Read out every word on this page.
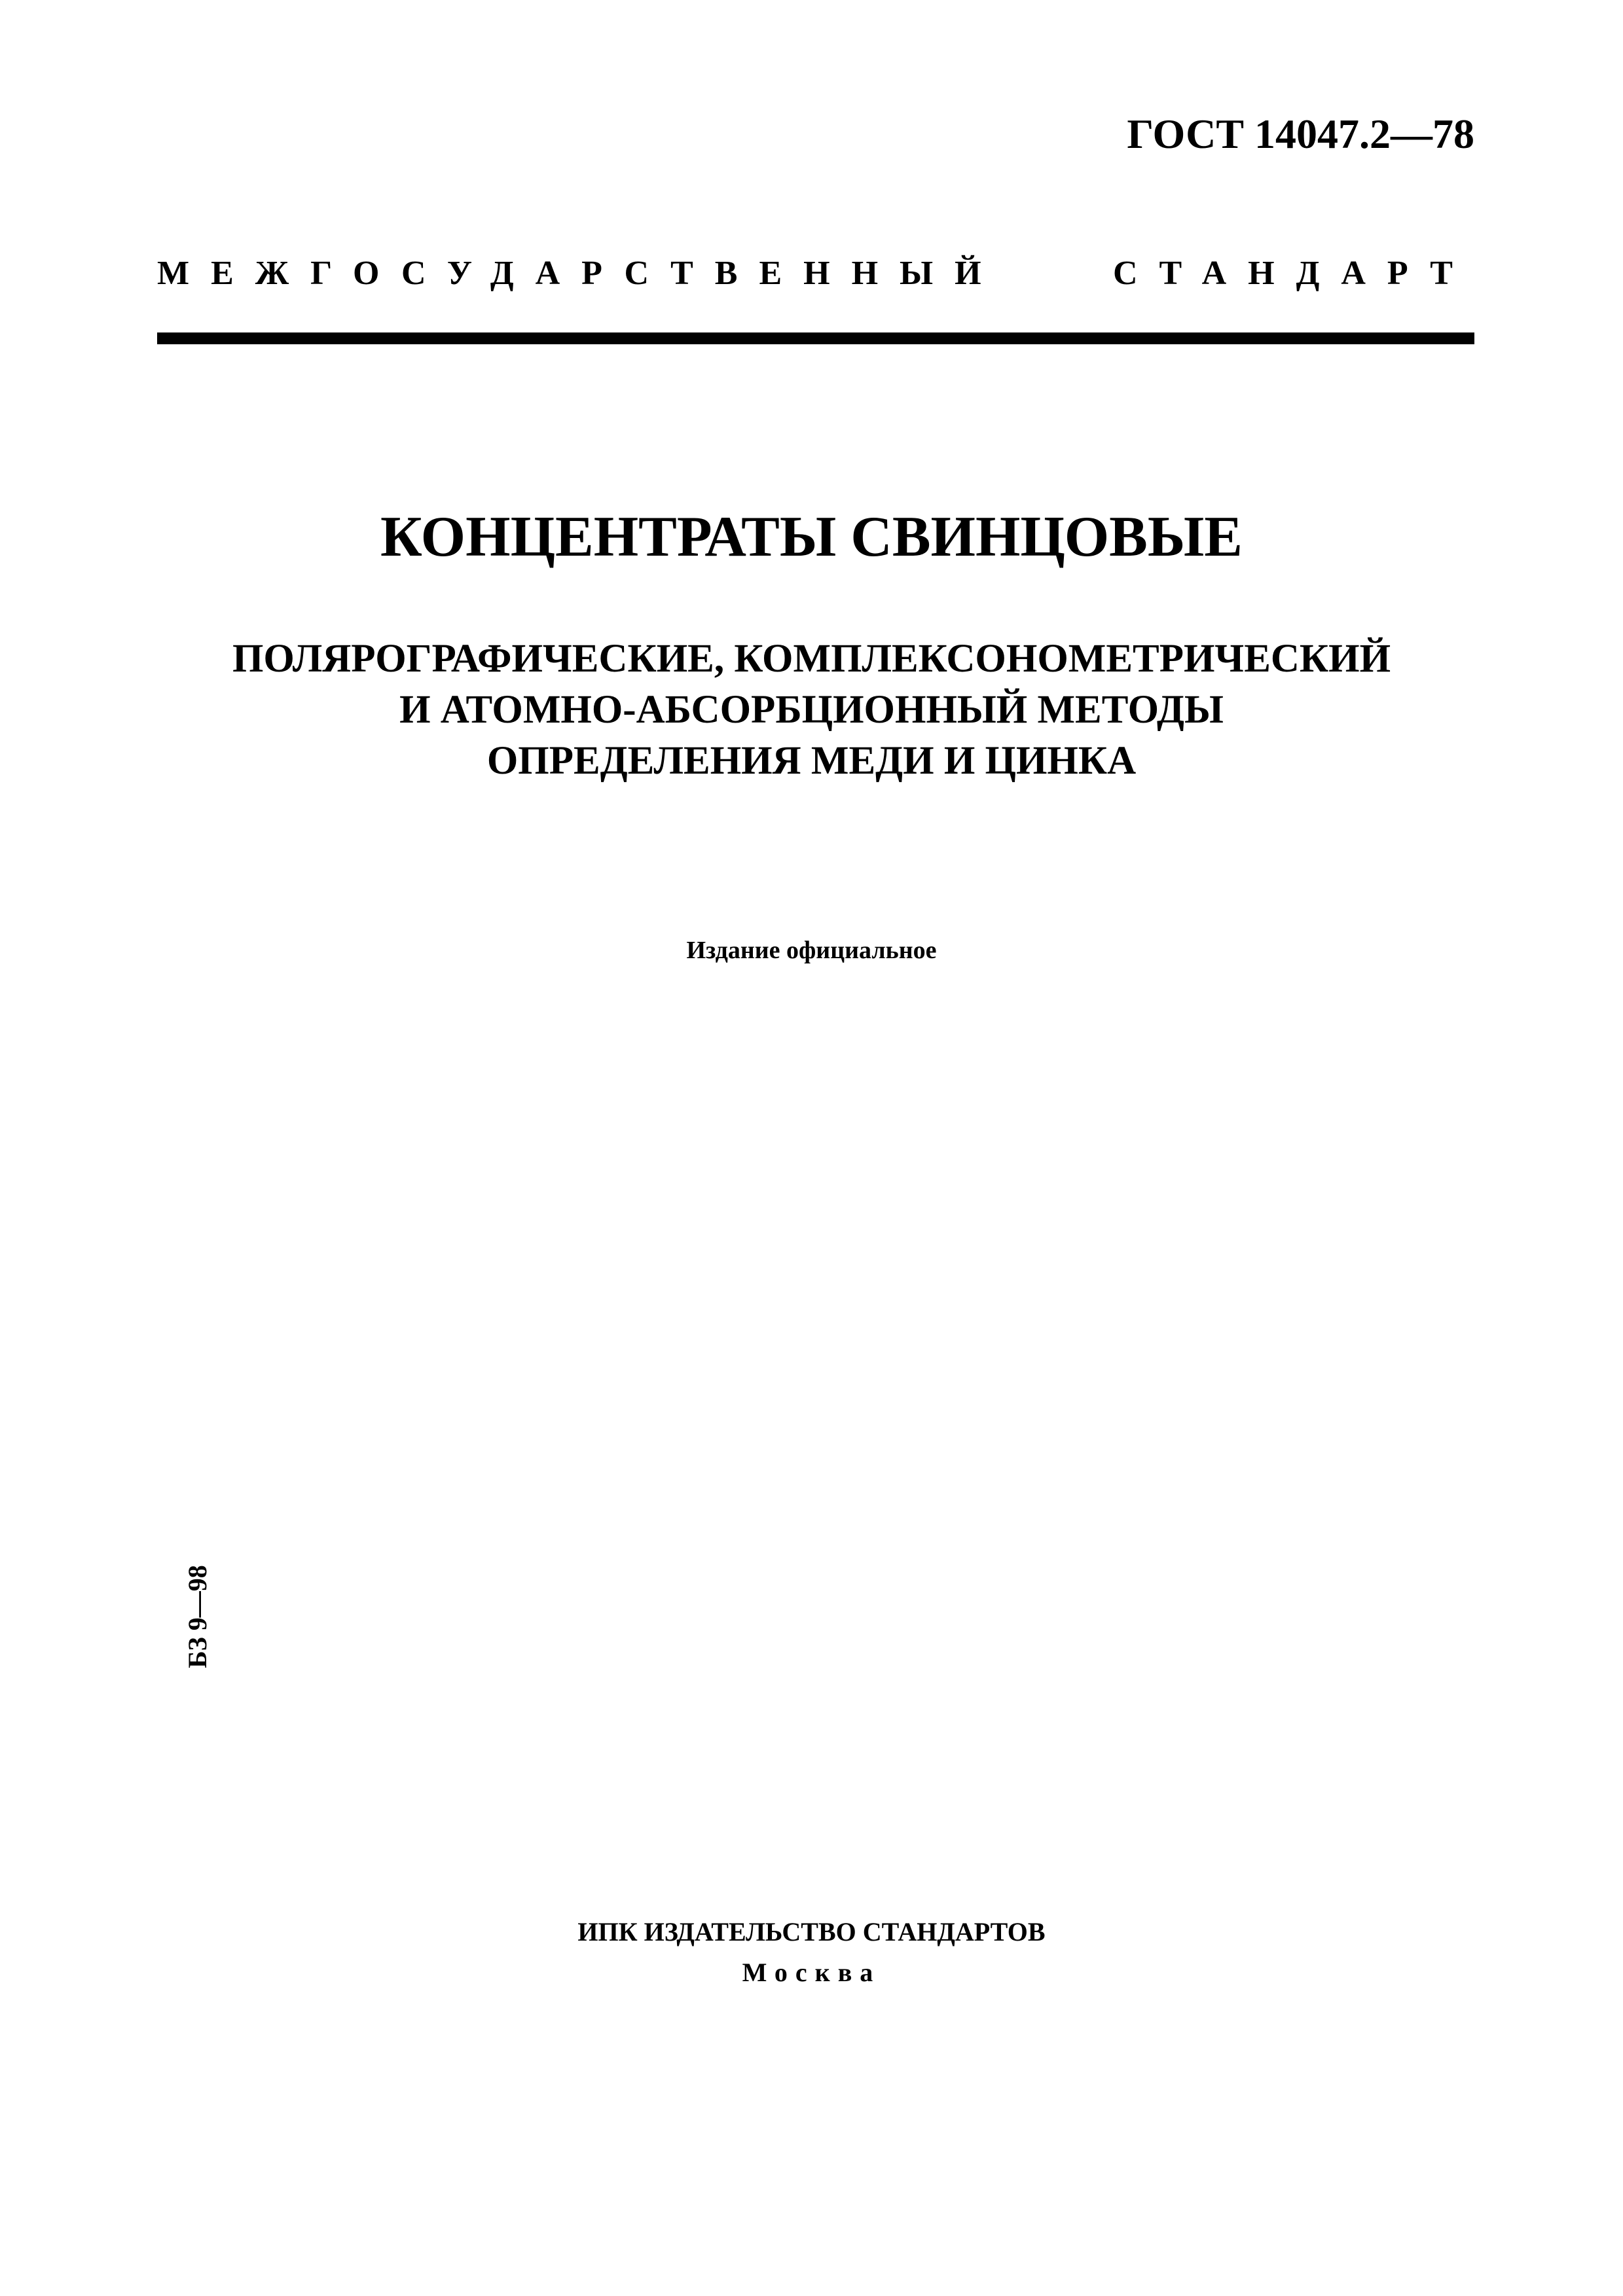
ГОСТ 14047.2—78
МЕЖГОСУДАРСТВЕННЫЙ	СТАНДАРТ
КОНЦЕНТРАТЫ СВИНЦОВЫЕ
ПОЛЯРОГРАФИЧЕСКИЕ, КОМПЛЕКСОНОМЕТРИЧЕСКИЙ
И АТОМНО-АБСОРБЦИОННЫЙ МЕТОДЫ
ОПРЕДЕЛЕНИЯ МЕДИ И ЦИНКА
Издание официальное
БЗ 9—98
ИПК ИЗДАТЕЛЬСТВО СТАНДАРТОВ
Москва
